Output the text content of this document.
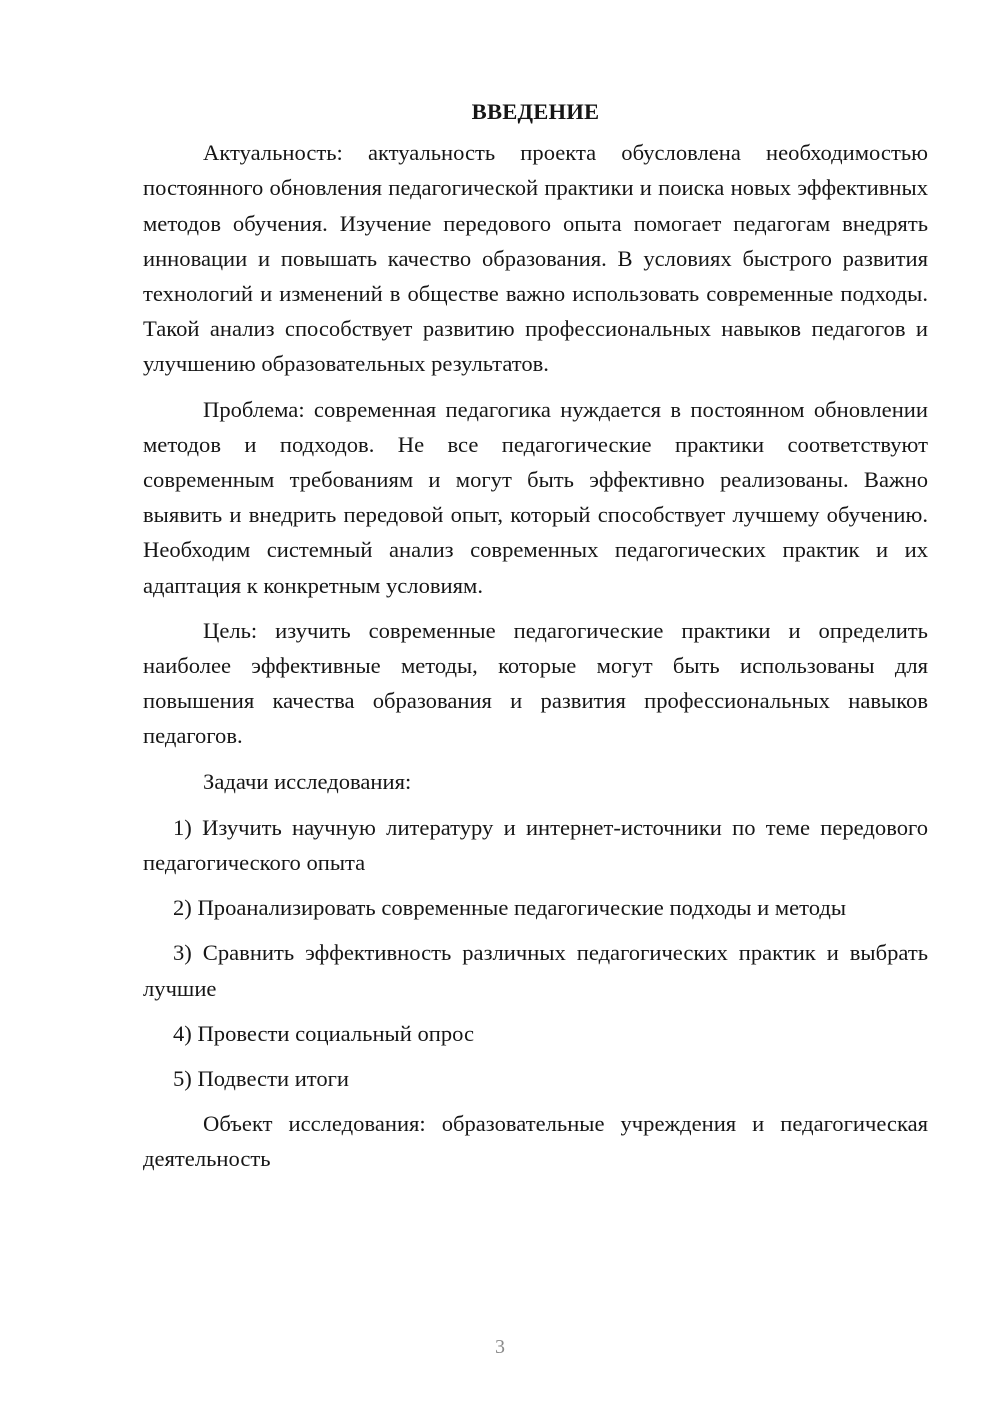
ВВЕДЕНИЕ

Актуальность: актуальность проекта обусловлена необходимостью постоянного обновления педагогической практики и поиска новых эффективных методов обучения. Изучение передового опыта помогает педагогам внедрять инновации и повышать качество образования. В условиях быстрого развития технологий и изменений в обществе важно использовать современные подходы. Такой анализ способствует развитию профессиональных навыков педагогов и улучшению образовательных результатов.

Проблема: современная педагогика нуждается в постоянном обновлении методов и подходов. Не все педагогические практики соответствуют современным требованиям и могут быть эффективно реализованы. Важно выявить и внедрить передовой опыт, который способствует лучшему обучению. Необходим системный анализ современных педагогических практик и их адаптация к конкретным условиям.

Цель: изучить современные педагогические практики и определить наиболее эффективные методы, которые могут быть использованы для повышения качества образования и развития профессиональных навыков педагогов.

Задачи исследования:

1) Изучить научную литературу и интернет-источники по теме передового педагогического опыта
2) Проанализировать современные педагогические подходы и методы
3) Сравнить эффективность различных педагогических практик и выбрать лучшие
4) Провести социальный опрос
5) Подвести итоги

Объект исследования: образовательные учреждения и педагогическая деятельность

3
